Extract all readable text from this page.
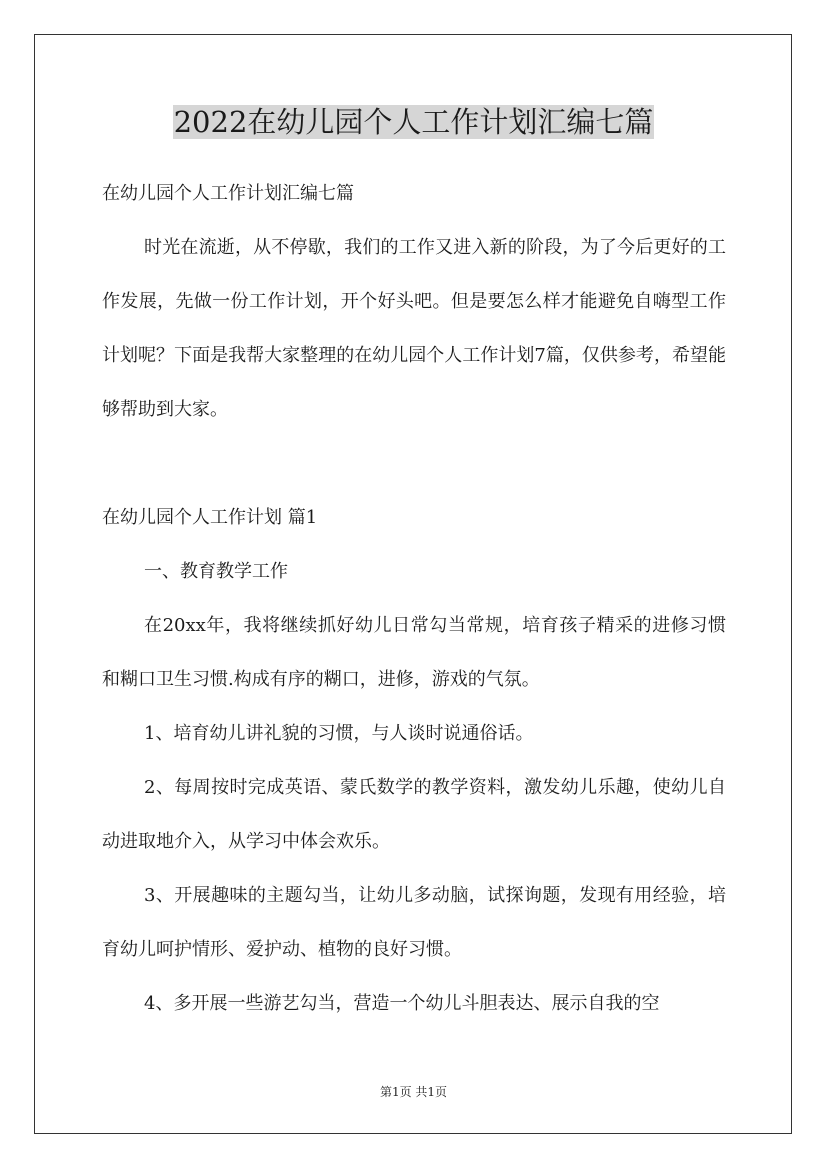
2022在幼儿园个人工作计划汇编七篇

在幼儿园个人工作计划汇编七篇

时光在流逝，从不停歇，我们的工作又进入新的阶段，为了今后更好的工作发展，先做一份工作计划，开个好头吧。但是要怎么样才能避免自嗨型工作计划呢？下面是我帮大家整理的在幼儿园个人工作计划7篇，仅供参考，希望能够帮助到大家。

在幼儿园个人工作计划 篇1

一、教育教学工作

在20xx年，我将继续抓好幼儿日常勾当常规，培育孩子精采的进修习惯和糊口卫生习惯.构成有序的糊口，进修，游戏的气氛。

1、培育幼儿讲礼貌的习惯，与人谈时说通俗话。

2、每周按时完成英语、蒙氏数学的教学资料，激发幼儿乐趣，使幼儿自动进取地介入，从学习中体会欢乐。

3、开展趣味的主题勾当，让幼儿多动脑，试探询题，发现有用经验，培育幼儿呵护情形、爱护动、植物的良好习惯。

4、多开展一些游艺勾当，营造一个幼儿斗胆表达、展示自我的空

第1页 共1页
